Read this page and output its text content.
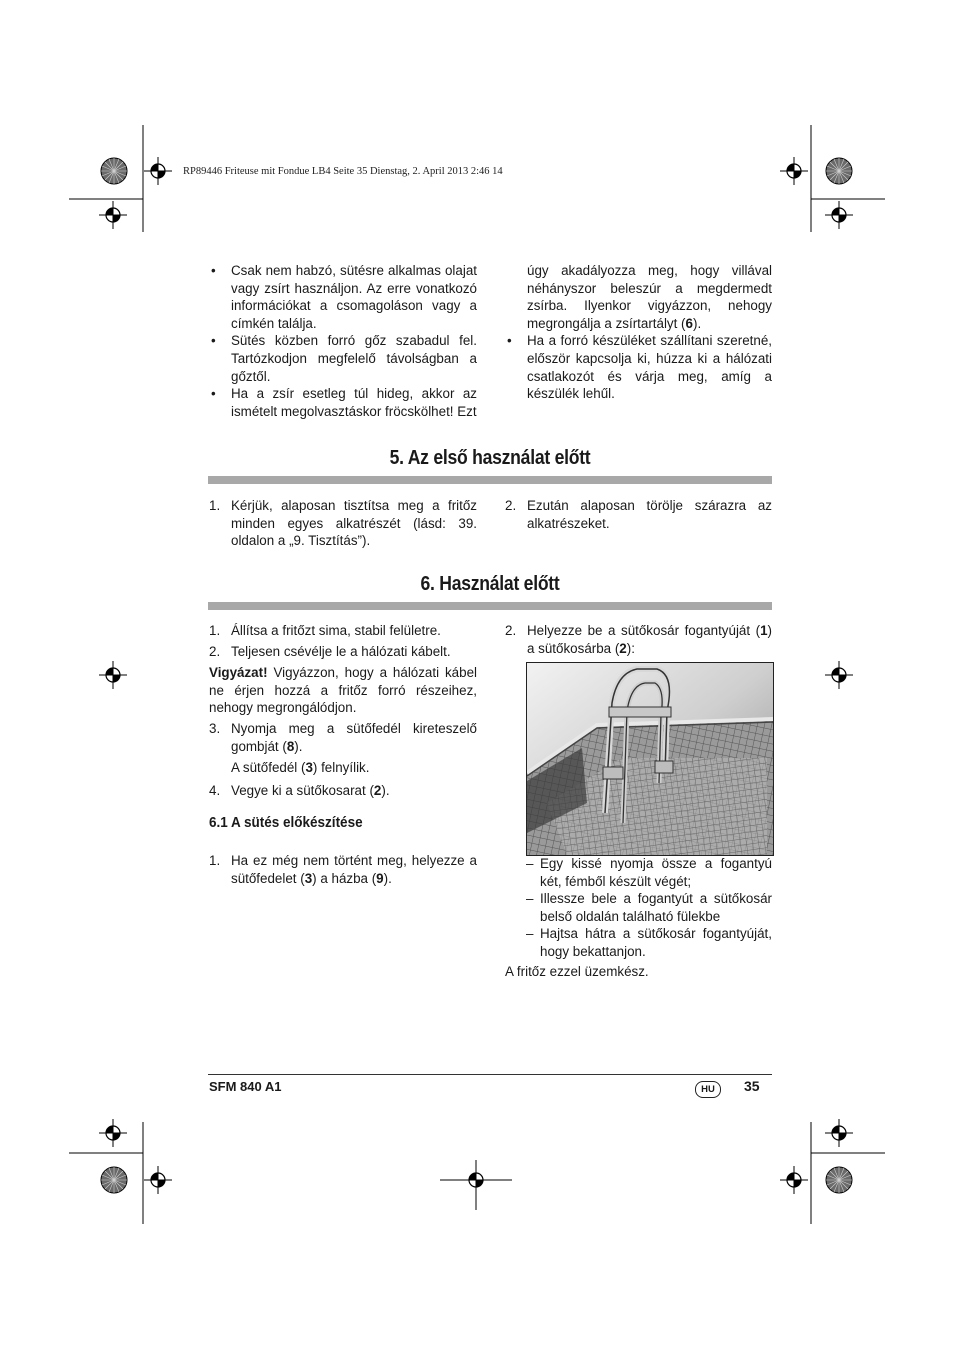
RP89446 Friteuse mit Fondue LB4 Seite 35 Dienstag, 2. April 2013 2:46 14
• Csak nem habzó, sütésre alkalmas olajat vagy zsírt használjon. Az erre vonatkozó információkat a csomagoláson vagy a címkén találja.

• Sütés közben forró gőz szabadul fel. Tartózkodjon megfelelő távolságban a gőztől.

• Ha a zsír esetleg túl hideg, akkor az ismételt megolvasztáskor fröcskölhet! Ezt

úgy akadályozza meg, hogy villával néhányszor beleszúr a megdermedt zsírba. Ilyenkor vigyázzon, nehogy megrongálja a zsírtartályt (6).
• Ha a forró készüléket szállítani szeretné, először kapcsolja ki, húzza ki a hálózati csatlakozót és várja meg, amíg a készülék lehűl.

5. Az első használat előtt
1. Kérjük, alaposan tisztítsa meg a fritőz minden egyes alkatrészét (lásd: 39. oldalon a „9. Tisztítás”).

2. Ezután alaposan törölje szárazra az alkatrészeket.

6. Használat előtt
1. Állítsa a fritőzt sima, stabil felületre.

2. Teljesen csévélje le a hálózati kábelt.

Vigyázat! Vigyázzon, hogy a hálózati kábel ne érjen hozzá a fritőz forró részeihez, nehogy megrongálódjon.

3. Nyomja meg a sütőfedél kireteszelő gombját (8).

A sütőfedél (3) felnyílik.

4. Vegye ki a sütőkosarat (2).

6.1 A sütés előkészítése
1. Ha ez még nem történt meg, helyezze a sütőfedelet (3) a házba (9).

2. Helyezze be a sütőkosár fogantyúját (1) a sütőkosárba (2):

– Egy kissé nyomja össze a fogantyú két, fémből készült végét;

– Illessze bele a fogantyút a sütőkosár belső oldalán található fülekbe

– Hajtsa hátra a sütőkosár fogantyúját, hogy bekattanjon.

A fritőz ezzel üzemkész.
SFM 840 A1	HU	35
